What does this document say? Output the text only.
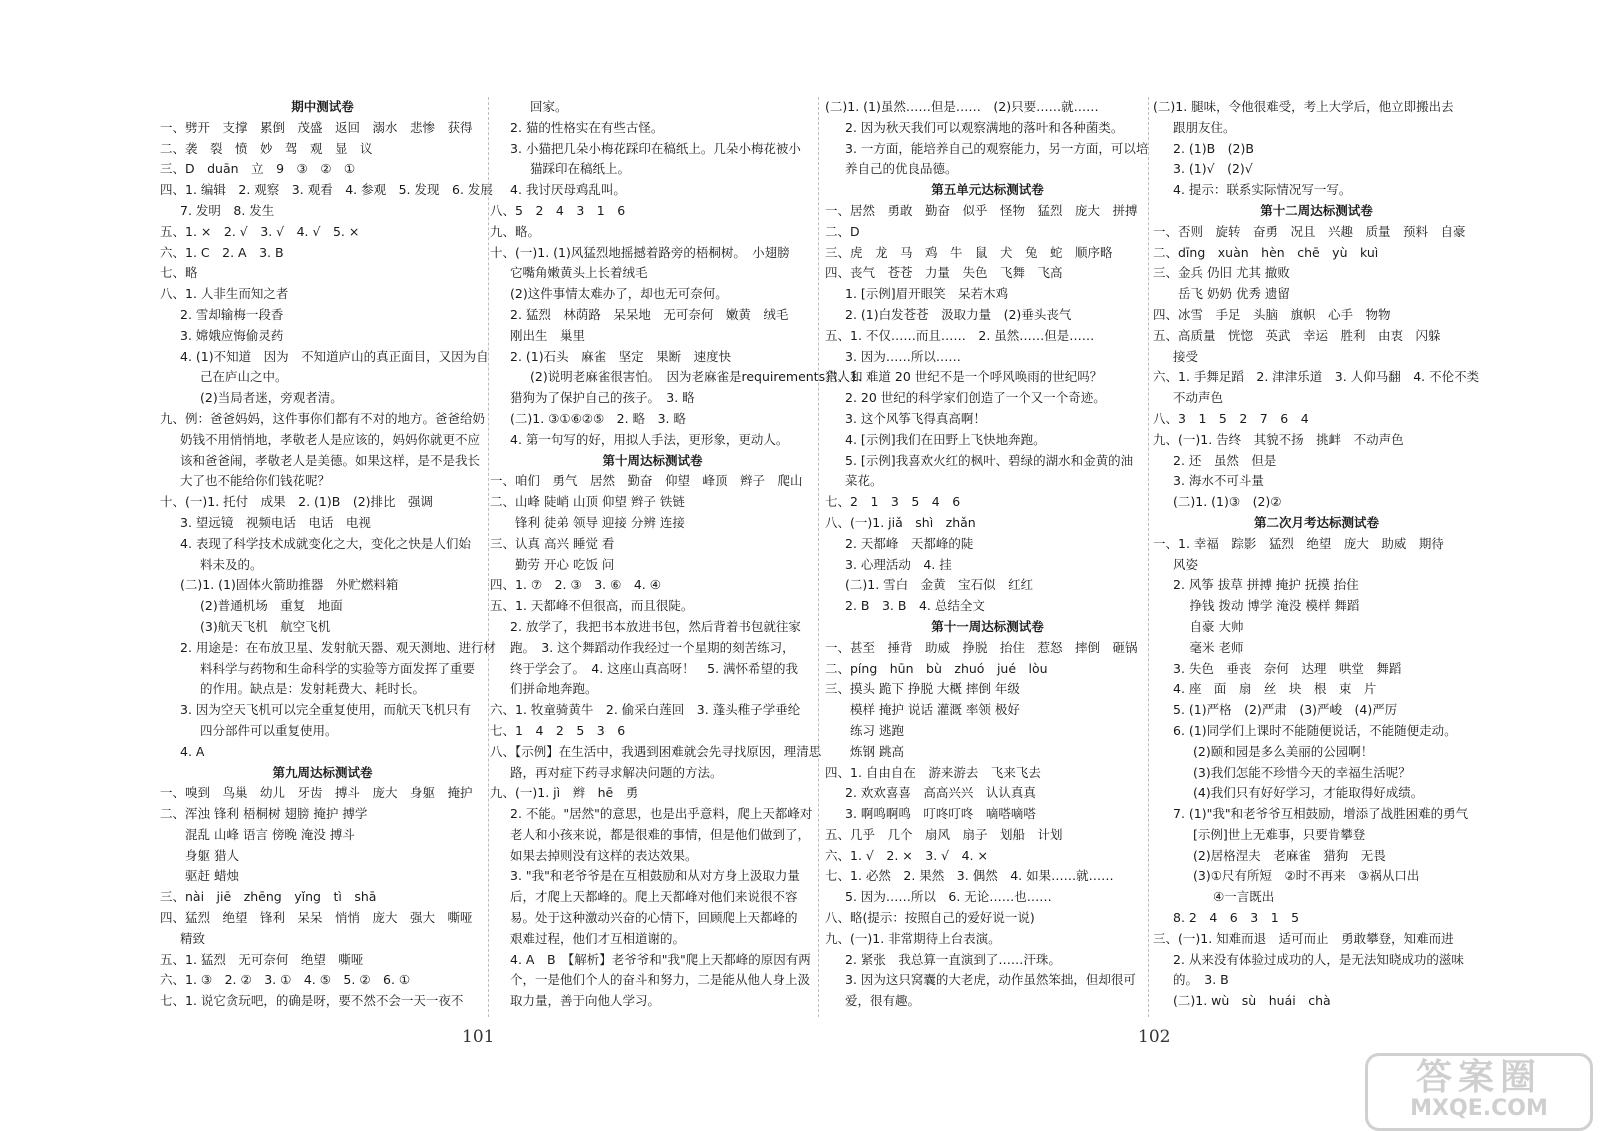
期中测试卷
一、劈开　支撑　累倒　茂盛　返回　溺水　悲惨　获得
二、袭　裂　愤　妙　驾　观　显　议
三、D　duān　立　9　③　②　①
四、1. 编辑　2. 观察　3. 观看　4. 参观　5. 发现　6. 发展
7. 发明　8. 发生
五、1. ×　2. √　3. √　4. √　5. ×
六、1. C　2. A　3. B
七、略
八、1. 人非生而知之者
2. 雪却输梅一段香
3. 嫦娥应悔偷灵药
4. (1)不知道　因为　不知道庐山的真正面目，又因为自
己在庐山之中。
(2)当局者迷，旁观者清。
九、例：爸爸妈妈，这件事你们都有不对的地方。爸爸给奶
奶钱不用悄悄地，孝敬老人是应该的，妈妈你就更不应
该和爸爸闹，孝敬老人是美德。如果这样，是不是我长
大了也不能给你们钱花呢？
十、(一)1. 托付　成果　2. (1)B　(2)排比　强调
3. 望远镜　视频电话　电话　电视
4. 表现了科学技术成就变化之大，变化之快是人们始
料未及的。
(二)1. (1)固体火箭助推器　外贮燃料箱
(2)普通机场　重复　地面
(3)航天飞机　航空飞机
2. 用途是：在布放卫星、发射航天器、观天测地、进行材
料科学与药物和生命科学的实验等方面发挥了重要
的作用。缺点是：发射耗费大、耗时长。
3. 因为空天飞机可以完全重复使用，而航天飞机只有
四分部件可以重复使用。
4. A
第九周达标测试卷
一、嗅到　鸟巢　幼儿　牙齿　搏斗　庞大　身躯　掩护
二、浑浊 锋利 梧桐树 翅膀 掩护 搏学
　　混乱 山峰 语言 傍晚 淹没 搏斗
　　身躯 猎人
　　驱赶 蜡烛
三、nài　jiē　zhēng　yǐng　tì　shā
四、猛烈　绝望　锋利　呆呆　悄悄　庞大　强大　嘶哑
精致
五、1. 猛烈　无可奈何　绝望　嘶哑
六、1. ③　2. ②　3. ①　4. ⑤　5. ②　6. ①
七、1. 说它贪玩吧，的确是呀，要不然不会一天一夜不
回家。
2. 猫的性格实在有些古怪。
3. 小猫把几朵小梅花踩印在稿纸上。几朵小梅花被小
猫踩印在稿纸上。
4. 我讨厌母鸡乱叫。
八、5　2　4　3　1　6
九、略。
十、(一)1. (1)风猛烈地摇撼着路旁的梧桐树。　小翅膀
它嘴角嫩黄头上长着绒毛
(2)这件事情太难办了，却也无可奈何。
2. 猛烈　林荫路　呆呆地　无可奈何　嫩黄　绒毛
刚出生　巢里
2. (1)石头　麻雀　坚定　果断　速度快
(2)说明老麻雀很害怕。　因为老麻雀是requirements猎人和
猎狗为了保护自己的孩子。　3. 略
(二)1. ③①⑥②⑤　2. 略　3. 略
4. 第一句写的好，用拟人手法，更形象，更动人。
第十周达标测试卷
一、咱们　勇气　居然　勤奋　仰望　峰顶　辫子　爬山
二、山峰 陡峭 山顶 仰望 辫子 铁链
　　锋利 徒弟 领导 迎接 分辨 连接
三、认真 高兴 睡觉 看
　　勤劳 开心 吃饭 问
四、1. ⑦　2. ③　3. ⑥　4. ④
五、1. 天都峰不但很高，而且很陡。
2. 放学了，我把书本放进书包，然后背着书包就往家
跑。　3. 这个舞蹈动作我经过一个星期的刻苦练习，
终于学会了。　4. 这座山真高呀！　5. 满怀希望的我
们拼命地奔跑。
六、1. 牧童骑黄牛　2. 偷采白莲回　3. 蓬头稚子学垂纶
七、1　4　2　5　3　6
八、【示例】在生活中，我遇到困难就会先寻找原因，理清思
路，再对症下药寻求解决问题的方法。
九、(一)1. jì　辫　hē　勇
2. 不能。"居然"的意思，也是出乎意料，爬上天都峰对
老人和小孩来说，都是很难的事情，但是他们做到了，
如果去掉则没有这样的表达效果。
3. "我"和老爷爷是在互相鼓励和从对方身上汲取力量
后，才爬上天都峰的。爬上天都峰对他们来说很不容
易。处于这种激动兴奋的心情下，回顾爬上天都峰的
艰难过程，他们才互相道谢的。
4. A　B　【解析】老爷爷和"我"爬上天都峰的原因有两
个，一是他们个人的奋斗和努力，二是能从他人身上汲
取力量，善于向他人学习。
(二)1. (1)虽然……但是……　(2)只要……就……
2. 因为秋天我们可以观察满地的落叶和各种菌类。
3. 一方面，能培养自己的观察能力，另一方面，可以培
养自己的优良品德。
第五单元达标测试卷
一、居然　勇敢　勤奋　似乎　怪物　猛烈　庞大　拼搏
二、D
三、虎　龙　马　鸡　牛　鼠　犬　兔　蛇　顺序略
四、丧气　苍苍　力量　失色　飞舞　飞高
1. [示例]眉开眼笑　呆若木鸡
2. (1)白发苍苍　汲取力量　(2)垂头丧气
五、1. 不仅……而且……　2. 虽然……但是……
3. 因为……所以……
六、1. 难道 20 世纪不是一个呼风唤雨的世纪吗？
2. 20 世纪的科学家们创造了一个又一个奇迹。
3. 这个风筝飞得真高啊！
4. [示例]我们在田野上飞快地奔跑。
5. [示例]我喜欢火红的枫叶、碧绿的湖水和金黄的油
菜花。
七、2　1　3　5　4　6
八、(一)1. jiǎ　shì　zhǎn
2. 天都峰　天都峰的陡
3. 心理活动　4. 挂
(二)1. 雪白　金黄　宝石似　红红
2. B　3. B　4. 总结全文
第十一周达标测试卷
一、甚至　捶背　助威　挣脱　抬住　惹怒　摔倒　砸锅
二、píng　hūn　bù　zhuó　jué　lòu
三、摸头 跪下 挣脱 大概 摔倒 年级
　　模样 掩护 说话 灌溉 率领 极好
　　练习 逃跑
　　炼钢 跳高
四、1. 自由自在　游来游去　飞来飞去
2. 欢欢喜喜　高高兴兴　认认真真
3. 啊鸣啊鸣　叮咚叮咚　嘀嗒嘀嗒
五、几乎　几个　扇风　扇子　划船　计划
六、1. √　2. ×　3. √　4. ×
七、1. 必然　2. 果然　3. 偶然　4. 如果……就……
5. 因为……所以　6. 无论……也……
八、略(提示：按照自己的爱好说一说)
九、(一)1. 非常期待上台表演。
2. 紧张　我总算一直演到了……汗珠。
3. 因为这只窝囊的大老虎，动作虽然笨拙，但却很可
爱，很有趣。
(二)1. 腿味，令他很难受，考上大学后，他立即搬出去
跟朋友住。
2. (1)B　(2)B
3. (1)√　(2)√
4. 提示：联系实际情况写一写。
第十二周达标测试卷
一、否则　旋转　奋勇　况且　兴趣　质量　预料　自豪
二、dīng　xuàn　hèn　chē　yù　kuì
三、金兵 仍旧 尤其 撤败
　　岳飞 奶奶 优秀 遗留
四、冰雪　手足　头脑　旗帜　心手　物物
五、高质量　恍惚　英武　幸运　胜利　由衷　闪躲
接受
六、1. 手舞足蹈　2. 津津乐道　3. 人仰马翻　4. 不伦不类
不动声色
八、3　1　5　2　7　6　4
九、(一)1. 告终　其貌不扬　挑衅　不动声色
2. 还　虽然　但是
3. 海水不可斗量
(二)1. (1)③　(2)②
第二次月考达标测试卷
一、1. 幸福　踪影　猛烈　绝望　庞大　助威　期待
风姿
2. 风筝 拔草 拼搏 掩护 抚摸 抬住
　 挣钱 拨动 博学 淹没 模样 舞蹈
　 自豪 大帅
　 毫米 老师
3. 失色　垂丧　奈何　达理　哄堂　舞蹈
4. 座　面　扇　丝　块　根　束　片
5. (1)严格　(2)严肃　(3)严峻　(4)严厉
6. (1)同学们上课时不能随便说话，不能随便走动。
(2)颐和园是多么美丽的公园啊！
(3)我们怎能不珍惜今天的幸福生活呢？
(4)我们只有好好学习，才能取得好成绩。
7. (1)"我"和老爷爷互相鼓励，增添了战胜困难的勇气
[示例]世上无难事，只要肯攀登
(2)居格涅夫　老麻雀　猎狗　无畏
(3)①尺有所短　②时不再来　③祸从口出
④一言既出
8. 2　4　6　3　1　5
三、(一)1. 知难而退　适可而止　勇敢攀登，知难而进
2. 从来没有体验过成功的人，是无法知晓成功的滋味
的。　3. B
(二)1. wù　sù　huái　chà
101	102
答案圈
MXQE.COM
